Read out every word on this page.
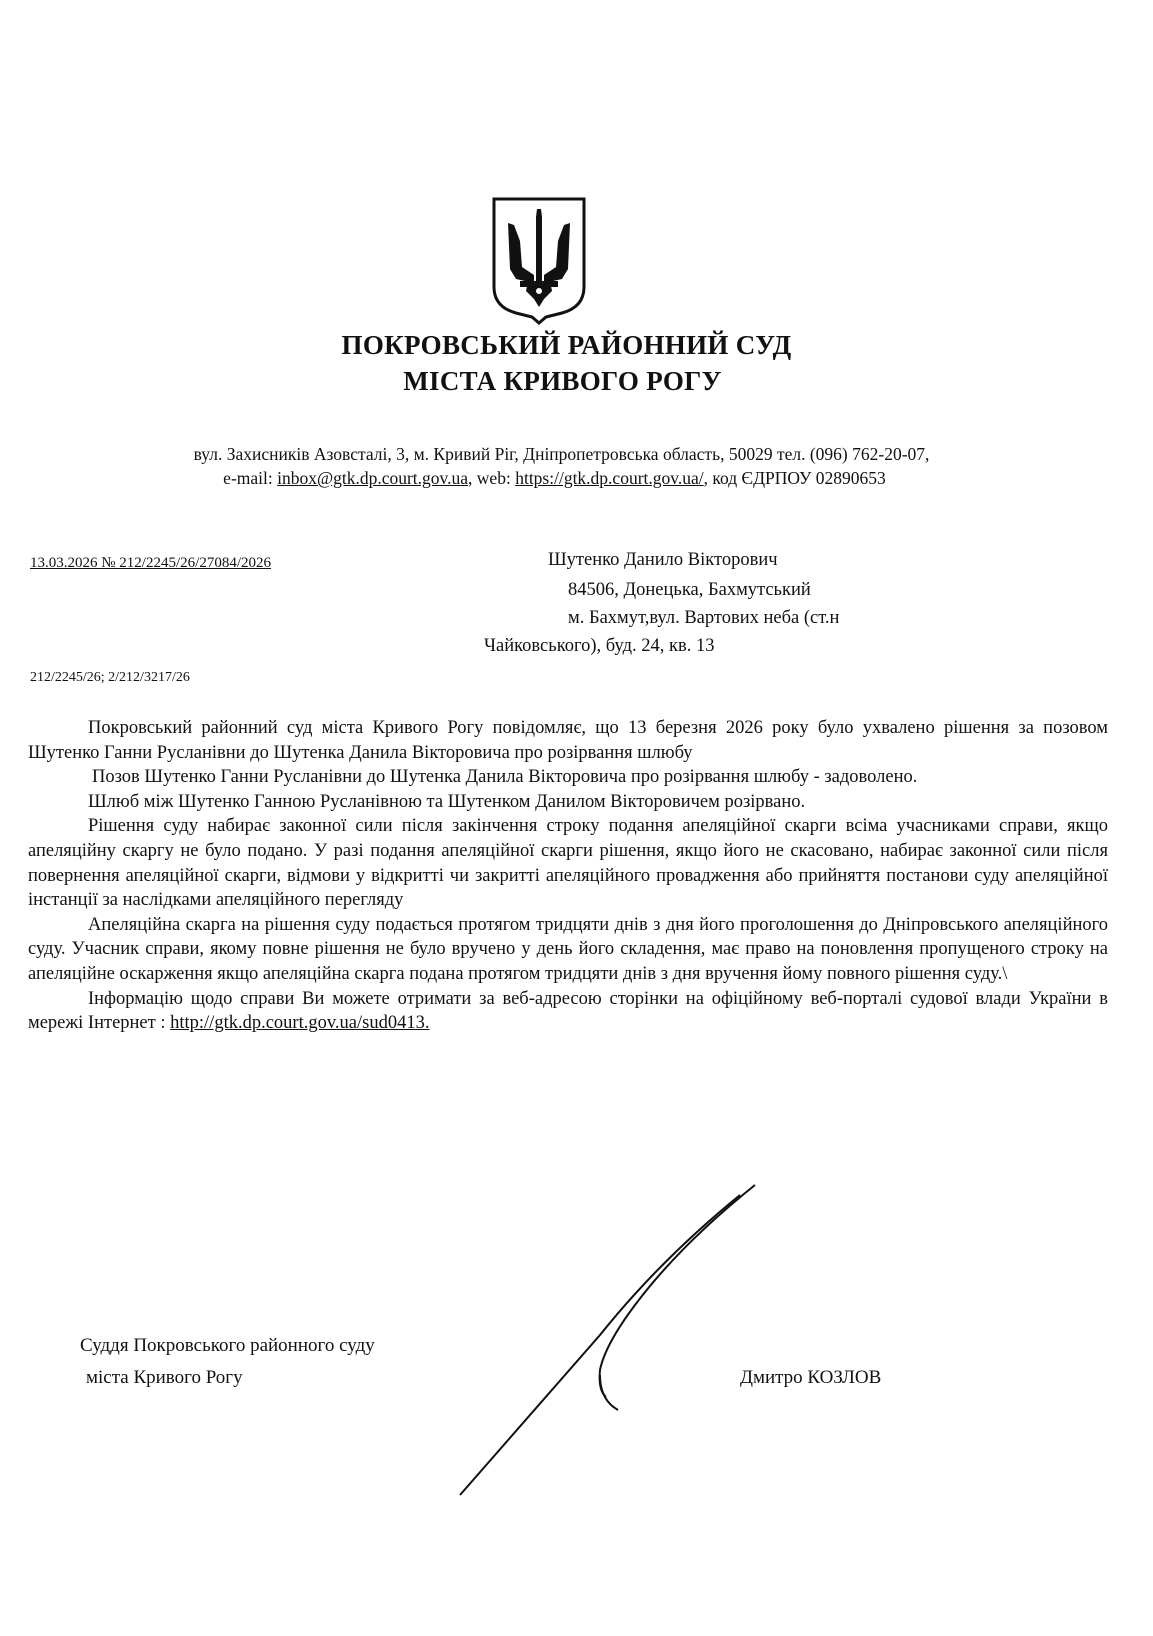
ПОКРОВСЬКИЙ РАЙОННИЙ СУД
МІСТА КРИВОГО РОГУ
вул. Захисників Азовсталі, 3, м. Кривий Ріг, Дніпропетровська область, 50029 тел. (096) 762-20-07,
e-mail: inbox@gtk.dp.court.gov.ua, web: https://gtk.dp.court.gov.ua/, код ЄДРПОУ 02890653
13.03.2026 № 212/2245/26/27084/2026	Шутенко Данило Вікторович
84506, Донецька, Бахмутський
м. Бахмут,вул. Вартових неба (ст.н
Чайковського), буд. 24, кв. 13
212/2245/26; 2/212/3217/26

Покровський районний суд міста Кривого Рогу повідомляє, що 13 березня 2026 року було ухвалено рішення за позовом Шутенко Ганни Русланівни до Шутенка Данила Вікторовича про розірвання шлюбу

Позов Шутенко Ганни Русланівни до Шутенка Данила Вікторовича про розірвання шлюбу - задоволено.

Шлюб між Шутенко Ганною Русланівною та Шутенком Данилом Вікторовичем розірвано.

Рішення суду набирає законної сили після закінчення строку подання апеляційної скарги всіма учасниками справи, якщо апеляційну скаргу не було подано. У разі подання апеляційної скарги рішення, якщо його не скасовано, набирає законної сили після повернення апеляційної скарги, відмови у відкритті чи закритті апеляційного провадження або прийняття постанови суду апеляційної інстанції за наслідками апеляційного перегляду

Апеляційна скарга на рішення суду подається протягом тридцяти днів з дня його проголошення до Дніпровського апеляційного суду. Учасник справи, якому повне рішення не було вручено у день його складення, має право на поновлення пропущеного строку на апеляційне оскарження якщо апеляційна скарга подана протягом тридцяти днів з дня вручення йому повного рішення суду.\

Інформацію щодо справи Ви можете отримати за веб-адресою сторінки на офіційному веб-порталі судової влади України в мережі Інтернет : http://gtk.dp.court.gov.ua/sud0413.

Суддя Покровського районного суду
міста Кривого Рогу	Дмитро КОЗЛОВ
